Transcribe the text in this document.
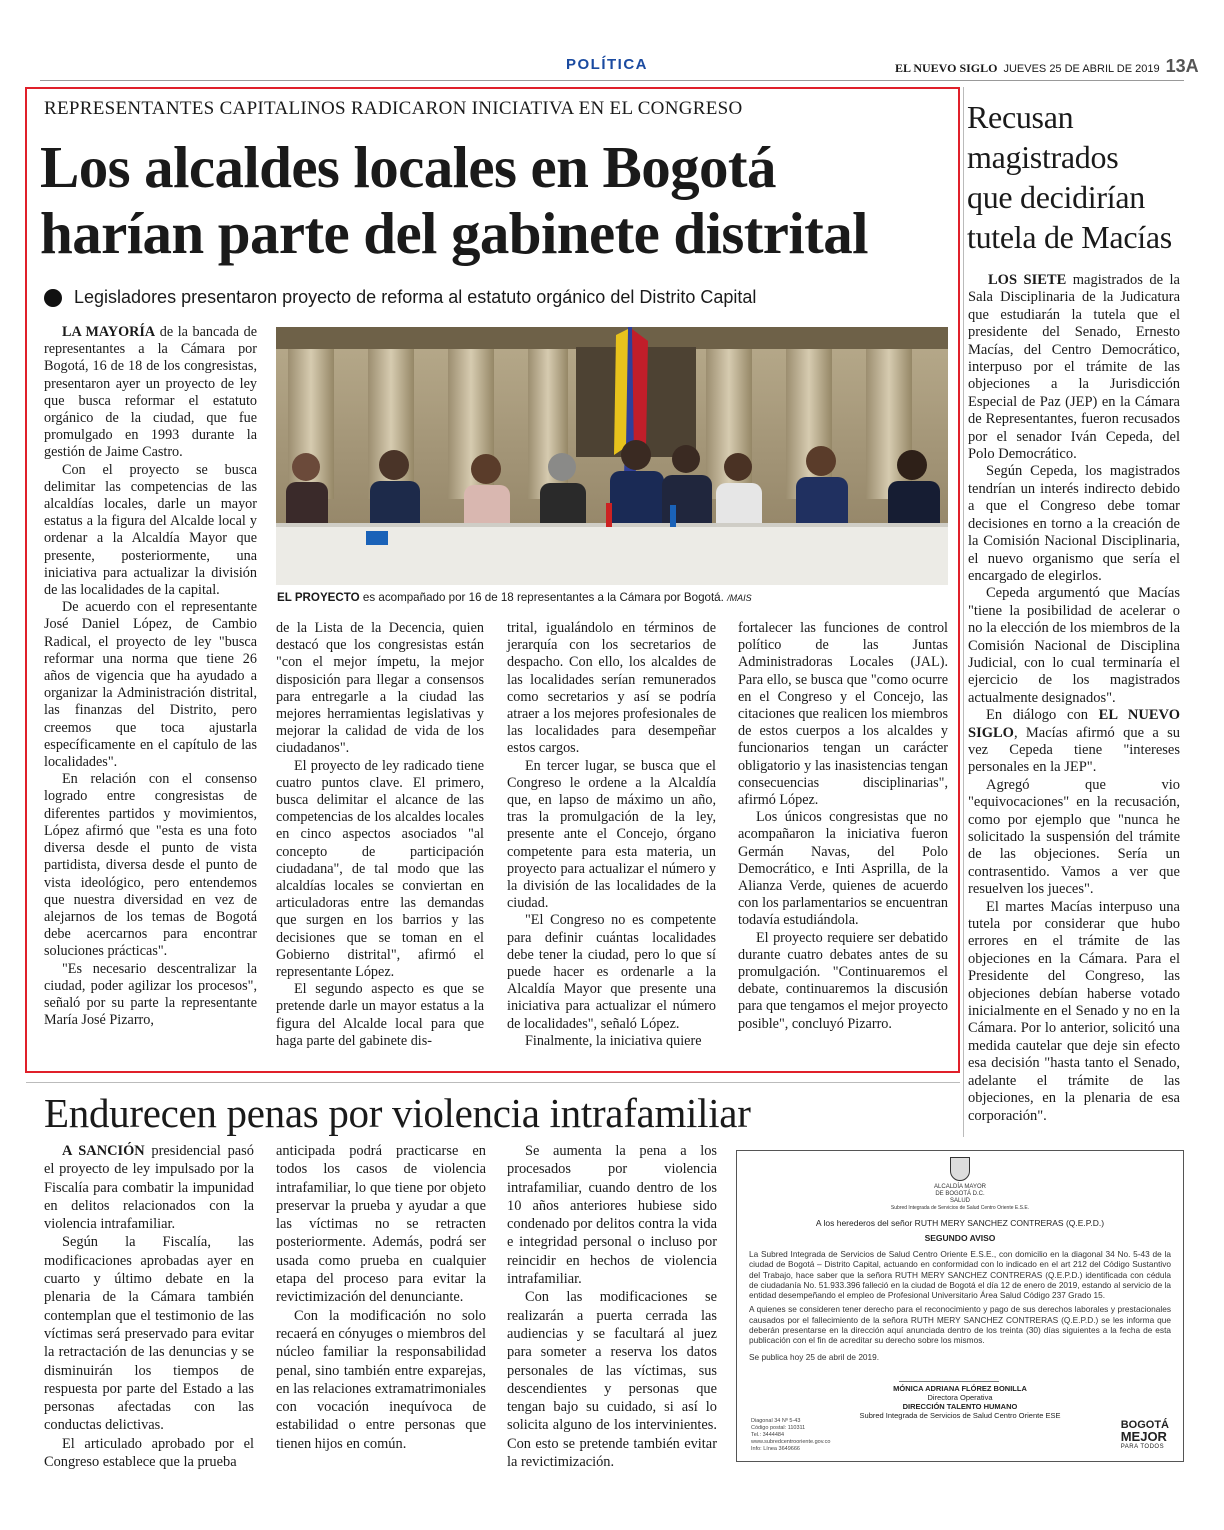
POLÍTICA	EL NUEVO SIGLO JUEVES 25 DE ABRIL DE 2019 13A
REPRESENTANTES CAPITALINOS RADICARON INICIATIVA EN EL CONGRESO
Los alcaldes locales en Bogotá
harían parte del gabinete distrital
Legisladores presentaron proyecto de reforma al estatuto orgánico del Distrito Capital
EL PROYECTO es acompañado por 16 de 18 representantes a la Cámara por Bogotá. /MAIS

LA MAYORÍA de la bancada de representantes a la Cámara por Bogotá, 16 de 18 de los congresistas, presentaron ayer un proyecto de ley que busca reformar el estatuto orgánico de la ciudad, que fue promulgado en 1993 durante la gestión de Jaime Castro.

Con el proyecto se busca delimitar las competencias de las alcaldías locales, darle un mayor estatus a la figura del Alcalde local y ordenar a la Alcaldía Mayor que presente, posteriormente, una iniciativa para actualizar la división de las localidades de la capital.

De acuerdo con el representante José Daniel López, de Cambio Radical, el proyecto de ley "busca reformar una norma que tiene 26 años de vigencia que ha ayudado a organizar la Administración distrital, las finanzas del Distrito, pero creemos que toca ajustarla específicamente en el capítulo de las localidades".

En relación con el consenso logrado entre congresistas de diferentes partidos y movimientos, López afirmó que "esta es una foto diversa desde el punto de vista partidista, diversa desde el punto de vista ideológico, pero entendemos que nuestra diversidad en vez de alejarnos de los temas de Bogotá debe acercarnos para encontrar soluciones prácticas".

"Es necesario descentralizar la ciudad, poder agilizar los procesos", señaló por su parte la representante María José Pizarro,

de la Lista de la Decencia, quien destacó que los congresistas están "con el mejor ímpetu, la mejor disposición para llegar a consensos para entregarle a la ciudad las mejores herramientas legislativas y mejorar la calidad de vida de los ciudadanos".

El proyecto de ley radicado tiene cuatro puntos clave. El primero, busca delimitar el alcance de las competencias de los alcaldes locales en cinco aspectos asociados "al concepto de participación ciudadana", de tal modo que las alcaldías locales se conviertan en articuladoras entre las demandas que surgen en los barrios y las decisiones que se toman en el Gobierno distrital", afirmó el representante López.

El segundo aspecto es que se pretende darle un mayor estatus a la figura del Alcalde local para que haga parte del gabinete dis-

trital, igualándolo en términos de jerarquía con los secretarios de despacho. Con ello, los alcaldes de las localidades serían remunerados como secretarios y así se podría atraer a los mejores profesionales de las localidades para desempeñar estos cargos.

En tercer lugar, se busca que el Congreso le ordene a la Alcaldía que, en lapso de máximo un año, tras la promulgación de la ley, presente ante el Concejo, órgano competente para esta materia, un proyecto para actualizar el número y la división de las localidades de la ciudad.

"El Congreso no es competente para definir cuántas localidades debe tener la ciudad, pero lo que sí puede hacer es ordenarle a la Alcaldía Mayor que presente una iniciativa para actualizar el número de localidades", señaló López.

Finalmente, la iniciativa quiere

fortalecer las funciones de control político de las Juntas Administradoras Locales (JAL). Para ello, se busca que "como ocurre en el Congreso y el Concejo, las citaciones que realicen los miembros de estos cuerpos a los alcaldes y funcionarios tengan un carácter obligatorio y las inasistencias tengan consecuencias disciplinarias", afirmó López.

Los únicos congresistas que no acompañaron la iniciativa fueron Germán Navas, del Polo Democrático, e Inti Asprilla, de la Alianza Verde, quienes de acuerdo con los parlamentarios se encuentran todavía estudiándola.

El proyecto requiere ser debatido durante cuatro debates antes de su promulgación. "Continuaremos el debate, continuaremos la discusión para que tengamos el mejor proyecto posible", concluyó Pizarro.

Recusan
magistrados
que decidirían
tutela de Macías

LOS SIETE magistrados de la Sala Disciplinaria de la Judicatura que estudiarán la tutela que el presidente del Senado, Ernesto Macías, del Centro Democrático, interpuso por el trámite de las objeciones a la Jurisdicción Especial de Paz (JEP) en la Cámara de Representantes, fueron recusados por el senador Iván Cepeda, del Polo Democrático.

Según Cepeda, los magistrados tendrían un interés indirecto debido a que el Congreso debe tomar decisiones en torno a la creación de la Comisión Nacional Disciplinaria, el nuevo organismo que sería el encargado de elegirlos.

Cepeda argumentó que Macías "tiene la posibilidad de acelerar o no la elección de los miembros de la Comisión Nacional de Disciplina Judicial, con lo cual terminaría el ejercicio de los magistrados actualmente designados".

En diálogo con EL NUEVO SIGLO, Macías afirmó que a su vez Cepeda tiene "intereses personales en la JEP".

Agregó que vio "equivocaciones" en la recusación, como por ejemplo que "nunca he solicitado la suspensión del trámite de las objeciones. Sería un contrasentido. Vamos a ver que resuelven los jueces".

El martes Macías interpuso una tutela por considerar que hubo errores en el trámite de las objeciones en la Cámara. Para el Presidente del Congreso, las objeciones debían haberse votado inicialmente en el Senado y no en la Cámara. Por lo anterior, solicitó una medida cautelar que deje sin efecto esa decisión "hasta tanto el Senado, adelante el trámite de las objeciones, en la plenaria de esa corporación".

Endurecen penas por violencia intrafamiliar

A SANCIÓN presidencial pasó el proyecto de ley impulsado por la Fiscalía para combatir la impunidad en delitos relacionados con la violencia intrafamiliar.

Según la Fiscalía, las modificaciones aprobadas ayer en cuarto y último debate en la plenaria de la Cámara también contemplan que el testimonio de las víctimas será preservado para evitar la retractación de las denuncias y se disminuirán los tiempos de respuesta por parte del Estado a las personas afectadas con las conductas delictivas.

El articulado aprobado por el Congreso establece que la prueba

anticipada podrá practicarse en todos los casos de violencia intrafamiliar, lo que tiene por objeto preservar la prueba y ayudar a que las víctimas no se retracten posteriormente. Además, podrá ser usada como prueba en cualquier etapa del proceso para evitar la revictimización del denunciante.

Con la modificación no solo recaerá en cónyuges o miembros del núcleo familiar la responsabilidad penal, sino también entre exparejas, en las relaciones extramatrimoniales con vocación inequívoca de estabilidad o entre personas que tienen hijos en común.

Se aumenta la pena a los procesados por violencia intrafamiliar, cuando dentro de los 10 años anteriores hubiese sido condenado por delitos contra la vida e integridad personal o incluso por reincidir en hechos de violencia intrafamiliar.

Con las modificaciones se realizarán a puerta cerrada las audiencias y se facultará al juez para someter a reserva los datos personales de las víctimas, sus descendientes y personas que tengan bajo su cuidado, si así lo solicita alguno de los intervinientes. Con esto se pretende también evitar la revictimización.

ALCALDÍA MAYOR
DE BOGOTÁ D.C.
SALUD
Subred Integrada de Servicios de Salud Centro Oriente E.S.E.
A los herederos del señor RUTH MERY SANCHEZ CONTRERAS (Q.E.P.D.)
SEGUNDO AVISO
La Subred Integrada de Servicios de Salud Centro Oriente E.S.E., con domicilio en la diagonal 34 No. 5-43 de la ciudad de Bogotá – Distrito Capital, actuando en conformidad con lo indicado en el art 212 del Código Sustantivo del Trabajo, hace saber que la señora RUTH MERY SANCHEZ CONTRERAS (Q.E.P.D.) identificada con cédula de ciudadanía No. 51.933.396 falleció en la ciudad de Bogotá el día 12 de enero de 2019, estando al servicio de la entidad desempeñando el empleo de Profesional Universitario Área Salud Código 237 Grado 15.
A quienes se consideren tener derecho para el reconocimiento y pago de sus derechos laborales y prestacionales causados por el fallecimiento de la señora RUTH MERY SANCHEZ CONTRERAS (Q.E.P.D.) se les informa que deberán presentarse en la dirección aquí anunciada dentro de los treinta (30) días siguientes a la fecha de esta publicación con el fin de acreditar su derecho sobre los mismos.
Se publica hoy 25 de abril de 2019.
MÓNICA ADRIANA FLÓREZ BONILLA
Directora Operativa
DIRECCIÓN TALENTO HUMANO
Subred Integrada de Servicios de Salud Centro Oriente ESE
Diagonal 34 Nº 5-43
Código postal: 110311
Tel.: 3444484
www.subredcentrooriente.gov.co
Info: Línea 3649666
BOGOTÁ
MEJOR
PARA TODOS
